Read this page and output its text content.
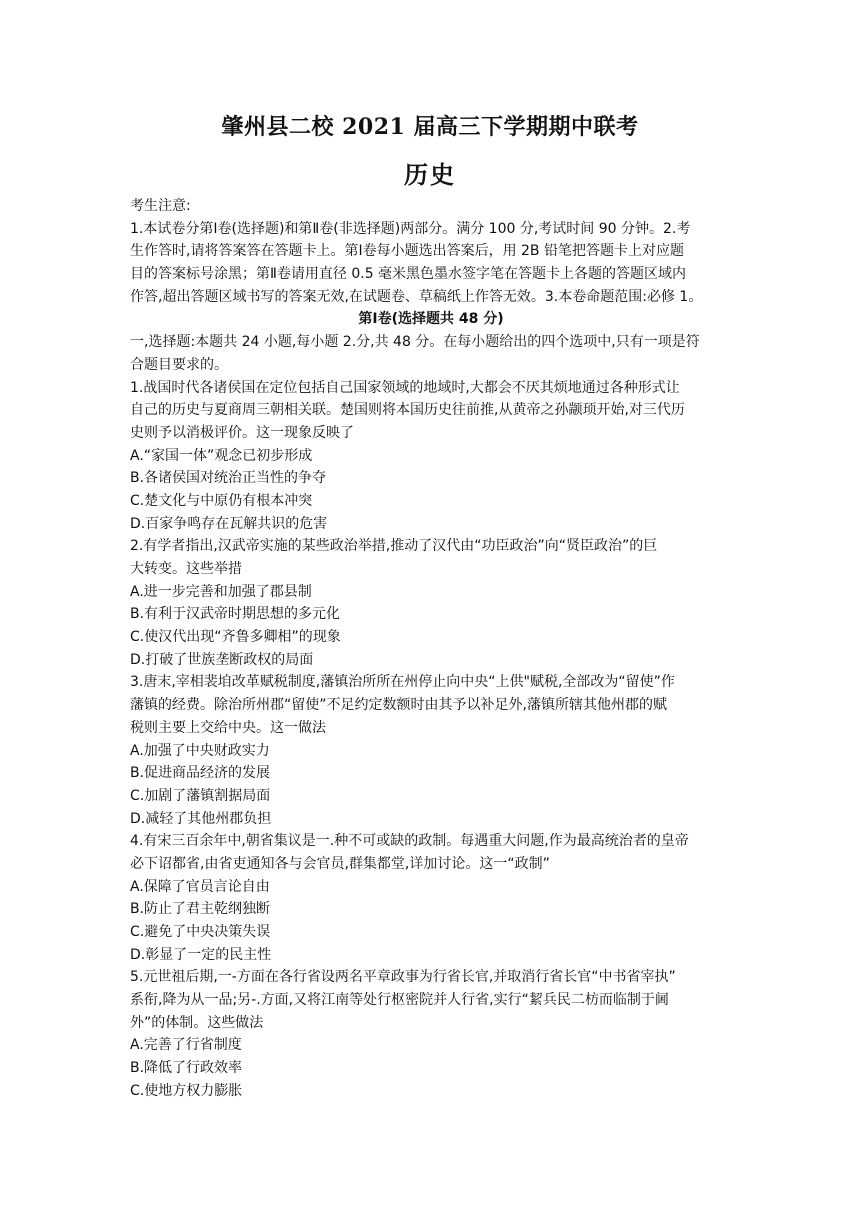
肇州县二校 2021 届高三下学期期中联考
历史
考生注意:
1.本试卷分第Ⅰ卷(选择题)和第Ⅱ卷(非选择题)两部分。满分 100 分,考试时间 90 分钟。2.考
生作答时,请将答案答在答题卡上。第Ⅰ卷每小题选出答案后，用 2B 铅笔把答题卡上对应题
目的答案标号涂黑；第Ⅱ卷请用直径 0.5 毫米黑色墨水签字笔在答题卡上各题的答题区域内
作答,超出答题区域书写的答案无效,在试题卷、草稿纸上作答无效。3.本卷命题范围:必修 1。
第Ⅰ卷(选择题共 48 分)
一,选择题:本题共 24 小题,每小题 2.分,共 48 分。在每小题给出的四个选项中,只有一项是符
合题目要求的。
1.战国时代各诸侯国在定位包括自己国家领域的地域时,大都会不厌其烦地通过各种形式让
自己的历史与夏商周三朝相关联。楚国则将本国历史往前推,从黄帝之孙颛顼开始,对三代历
史则予以消极评价。这一现象反映了
A.“家国一体”观念已初步形成
B.各诸侯国对统治正当性的争夺
C.楚文化与中原仍有根本冲突
D.百家争鸣存在瓦解共识的危害
2.有学者指出,汉武帝实施的某些政治举措,推动了汉代由“功臣政治”向“贤臣政治”的巨
大转变。这些举措
A.进一步完善和加强了郡县制
B.有利于汉武帝时期思想的多元化
C.使汉代出现“齐鲁多卿相”的现象
D.打破了世族垄断政权的局面
3.唐末,宰相裴垍改革赋税制度,藩镇治所所在州停止向中央“上供"赋税,全部改为“留使”作
藩镇的经费。除治所州郡“留使”不足约定数额时由其予以补足外,藩镇所辖其他州郡的赋
税则主要上交给中央。这一做法
A.加强了中央财政实力
B.促进商品经济的发展
C.加剧了藩镇割据局面
D.减轻了其他州郡负担
4.有宋三百余年中,朝省集议是一.种不可或缺的政制。每遇重大问题,作为最高统治者的皇帝
必下诏都省,由省吏通知各与会官员,群集都堂,详加讨论。这一“政制”
A.保障了官员言论自由
B.防止了君主乾纲独断
C.避免了中央决策失误
D.彰显了一定的民主性
5.元世祖后期,一-方面在各行省设两名平章政事为行省长官,并取消行省长官“中书省宰执”
系衔,降为从一品;另-.方面,又将江南等处行枢密院并人行省,实行“絜兵民二枋而临制于阃
外”的体制。这些做法
A.完善了行省制度
B.降低了行政效率
C.使地方权力膨胀
